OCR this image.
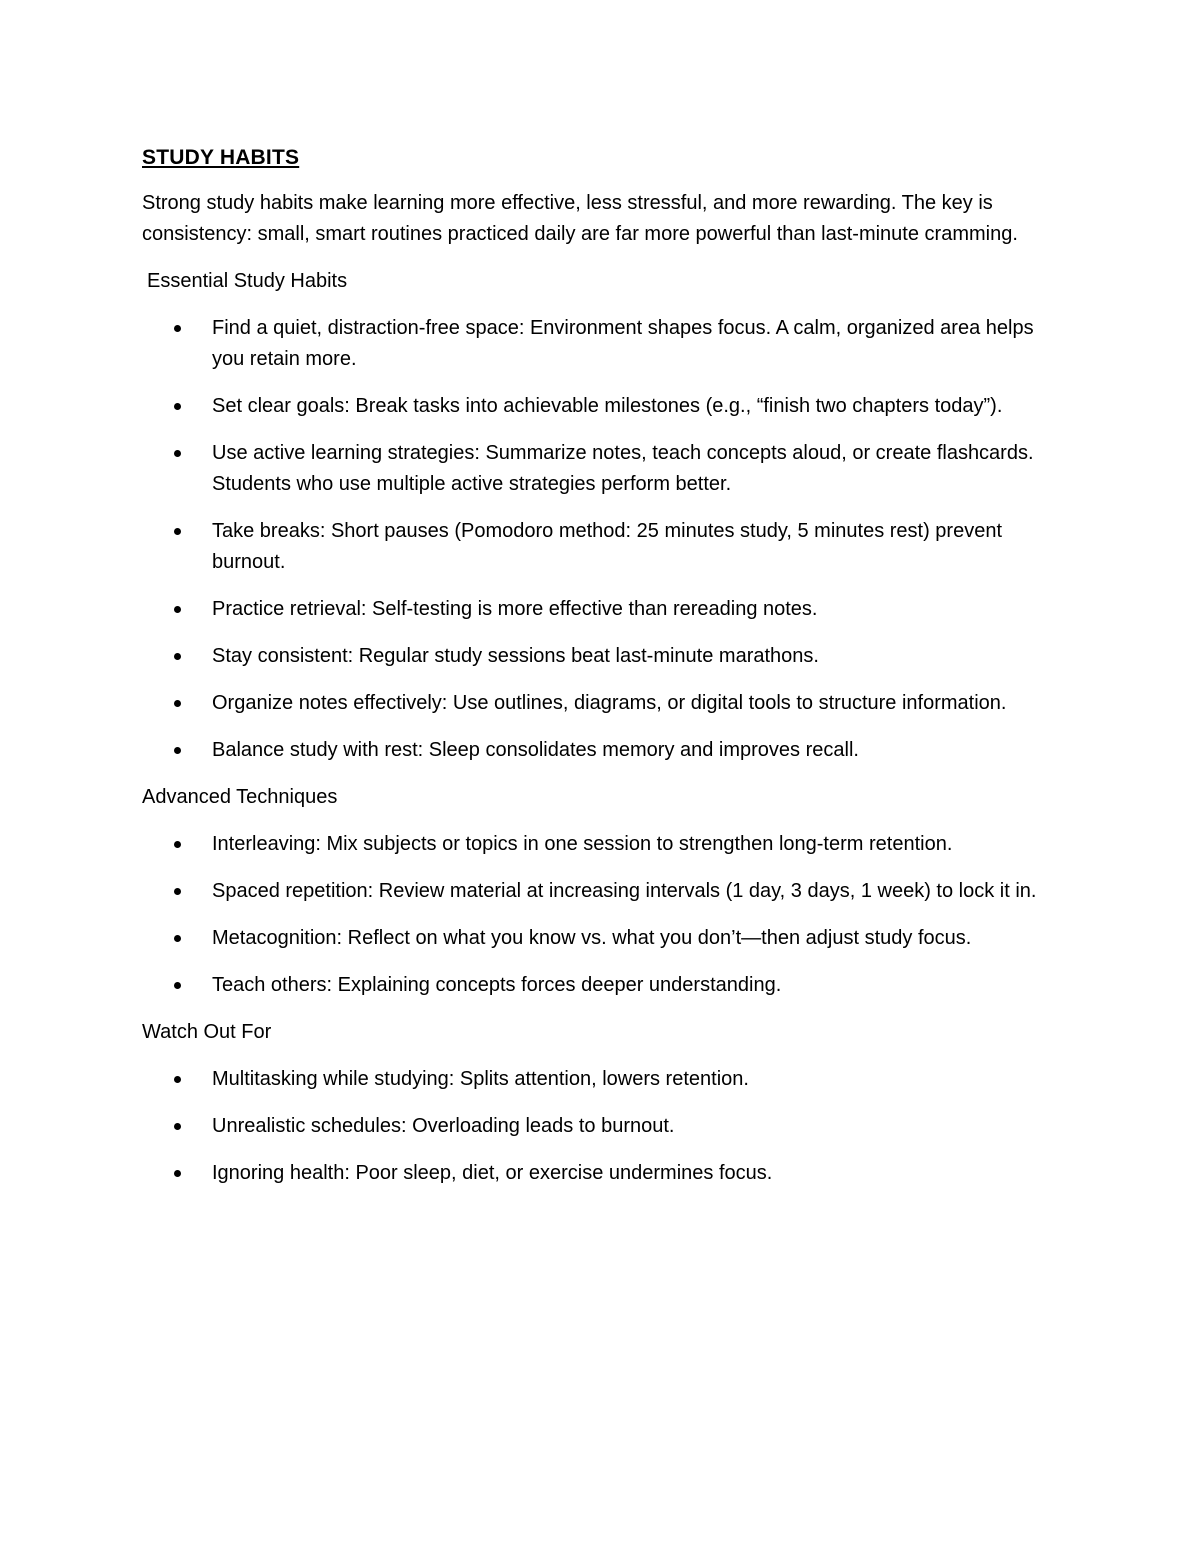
STUDY HABITS

Strong study habits make learning more effective, less stressful, and more rewarding. The key is consistency: small, smart routines practiced daily are far more powerful than last-minute cramming.

Essential Study Habits
Find a quiet, distraction-free space: Environment shapes focus. A calm, organized area helps you retain more.
Set clear goals: Break tasks into achievable milestones (e.g., “finish two chapters today”).
Use active learning strategies: Summarize notes, teach concepts aloud, or create flashcards. Students who use multiple active strategies perform better.
Take breaks: Short pauses (Pomodoro method: 25 minutes study, 5 minutes rest) prevent burnout.
Practice retrieval: Self-testing is more effective than rereading notes.
Stay consistent: Regular study sessions beat last-minute marathons.
Organize notes effectively: Use outlines, diagrams, or digital tools to structure information.
Balance study with rest: Sleep consolidates memory and improves recall.
Advanced Techniques
Interleaving: Mix subjects or topics in one session to strengthen long-term retention.
Spaced repetition: Review material at increasing intervals (1 day, 3 days, 1 week) to lock it in.
Metacognition: Reflect on what you know vs. what you don’t—then adjust study focus.
Teach others: Explaining concepts forces deeper understanding.
Watch Out For
Multitasking while studying: Splits attention, lowers retention.
Unrealistic schedules: Overloading leads to burnout.
Ignoring health: Poor sleep, diet, or exercise undermines focus.
